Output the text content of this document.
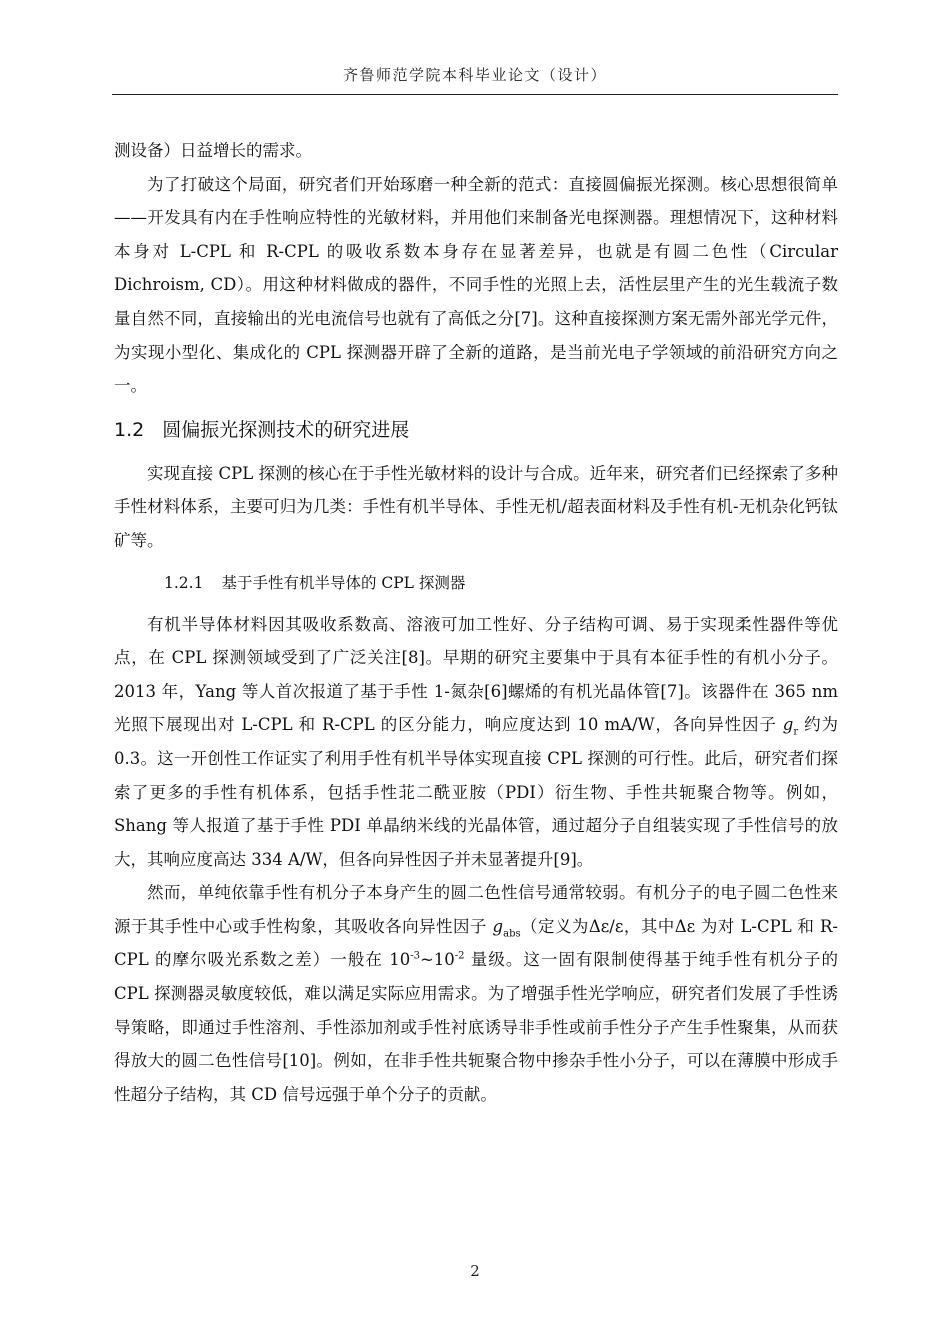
齐鲁师范学院本科毕业论文（设计）

测设备）日益增长的需求。

为了打破这个局面，研究者们开始琢磨一种全新的范式：直接圆偏振光探测。核心思想很简单——开发具有内在手性响应特性的光敏材料，并用他们来制备光电探测器。理想情况下，这种材料本身对 L-CPL 和 R-CPL 的吸收系数本身存在显著差异，也就是有圆二色性（Circular Dichroism, CD）。用这种材料做成的器件，不同手性的光照上去，活性层里产生的光生载流子数量自然不同，直接输出的光电流信号也就有了高低之分[7]。这种直接探测方案无需外部光学元件，为实现小型化、集成化的 CPL 探测器开辟了全新的道路，是当前光电子学领域的前沿研究方向之一。

1.2 圆偏振光探测技术的研究进展

实现直接 CPL 探测的核心在于手性光敏材料的设计与合成。近年来，研究者们已经探索了多种手性材料体系，主要可归为几类：手性有机半导体、手性无机/超表面材料及手性有机-无机杂化钙钛矿等。

1.2.1 基于手性有机半导体的 CPL 探测器

有机半导体材料因其吸收系数高、溶液可加工性好、分子结构可调、易于实现柔性器件等优点，在 CPL 探测领域受到了广泛关注[8]。早期的研究主要集中于具有本征手性的有机小分子。2013 年，Yang 等人首次报道了基于手性 1-氮杂[6]螺烯的有机光晶体管[7]。该器件在 365 nm 光照下展现出对 L-CPL 和 R-CPL 的区分能力，响应度达到 10 mA/W，各向异性因子 $g_r$ 约为 0.3。这一开创性工作证实了利用手性有机半导体实现直接 CPL 探测的可行性。此后，研究者们探索了更多的手性有机体系，包括手性苝二酰亚胺（PDI）衍生物、手性共轭聚合物等。例如，Shang 等人报道了基于手性 PDI 单晶纳米线的光晶体管，通过超分子自组装实现了手性信号的放大，其响应度高达 334 A/W，但各向异性因子并未显著提升[9]。

然而，单纯依靠手性有机分子本身产生的圆二色性信号通常较弱。有机分子的电子圆二色性来源于其手性中心或手性构象，其吸收各向异性因子 $g_{abs}$（定义为Δε/ε，其中Δε 为对 L-CPL 和 R-CPL 的摩尔吸光系数之差）一般在 $10^{-3}\sim 10^{-2}$ 量级。这一固有限制使得基于纯手性有机分子的 CPL 探测器灵敏度较低，难以满足实际应用需求。为了增强手性光学响应，研究者们发展了手性诱导策略，即通过手性溶剂、手性添加剂或手性衬底诱导非手性或前手性分子产生手性聚集，从而获得放大的圆二色性信号[10]。例如，在非手性共轭聚合物中掺杂手性小分子，可以在薄膜中形成手性超分子结构，其 CD 信号远强于单个分子的贡献。

2
